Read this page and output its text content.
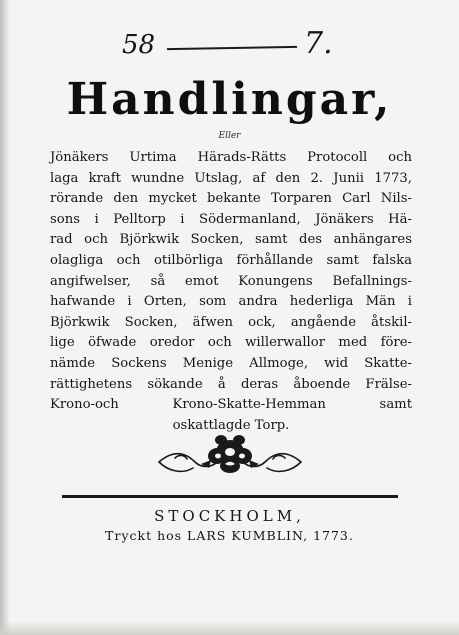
58	7.
Handlingar,
Eller
Jönäkers Urtima Härads-Rätts Protocoll och
laga kraft wundne Utslag, af den 2. Junii 1773,
rörande den mycket bekante Torparen Carl Nils-
sons i Pelltorp i Södermanland, Jönäkers Hä-
rad och Björkwik Socken, samt des anhängares
olagliga och otilbörliga förhållande samt falska
angifwelser, så emot Konungens Befallnings-
hafwande i Orten, som andra hederliga Män i
Björkwik Socken, äfwen ock, angående åtskil-
lige öfwade oredor och willerwallor med före-
nämde Sockens Menige Allmoge, wid Skatte-
rättighetens sökande å deras åboende Frälse-
Krono-och Krono-Skatte-Hemman samt
oskattlagde Torp.
STOCKHOLM,
Tryckt hos LARS KUMBLIN, 1773.
